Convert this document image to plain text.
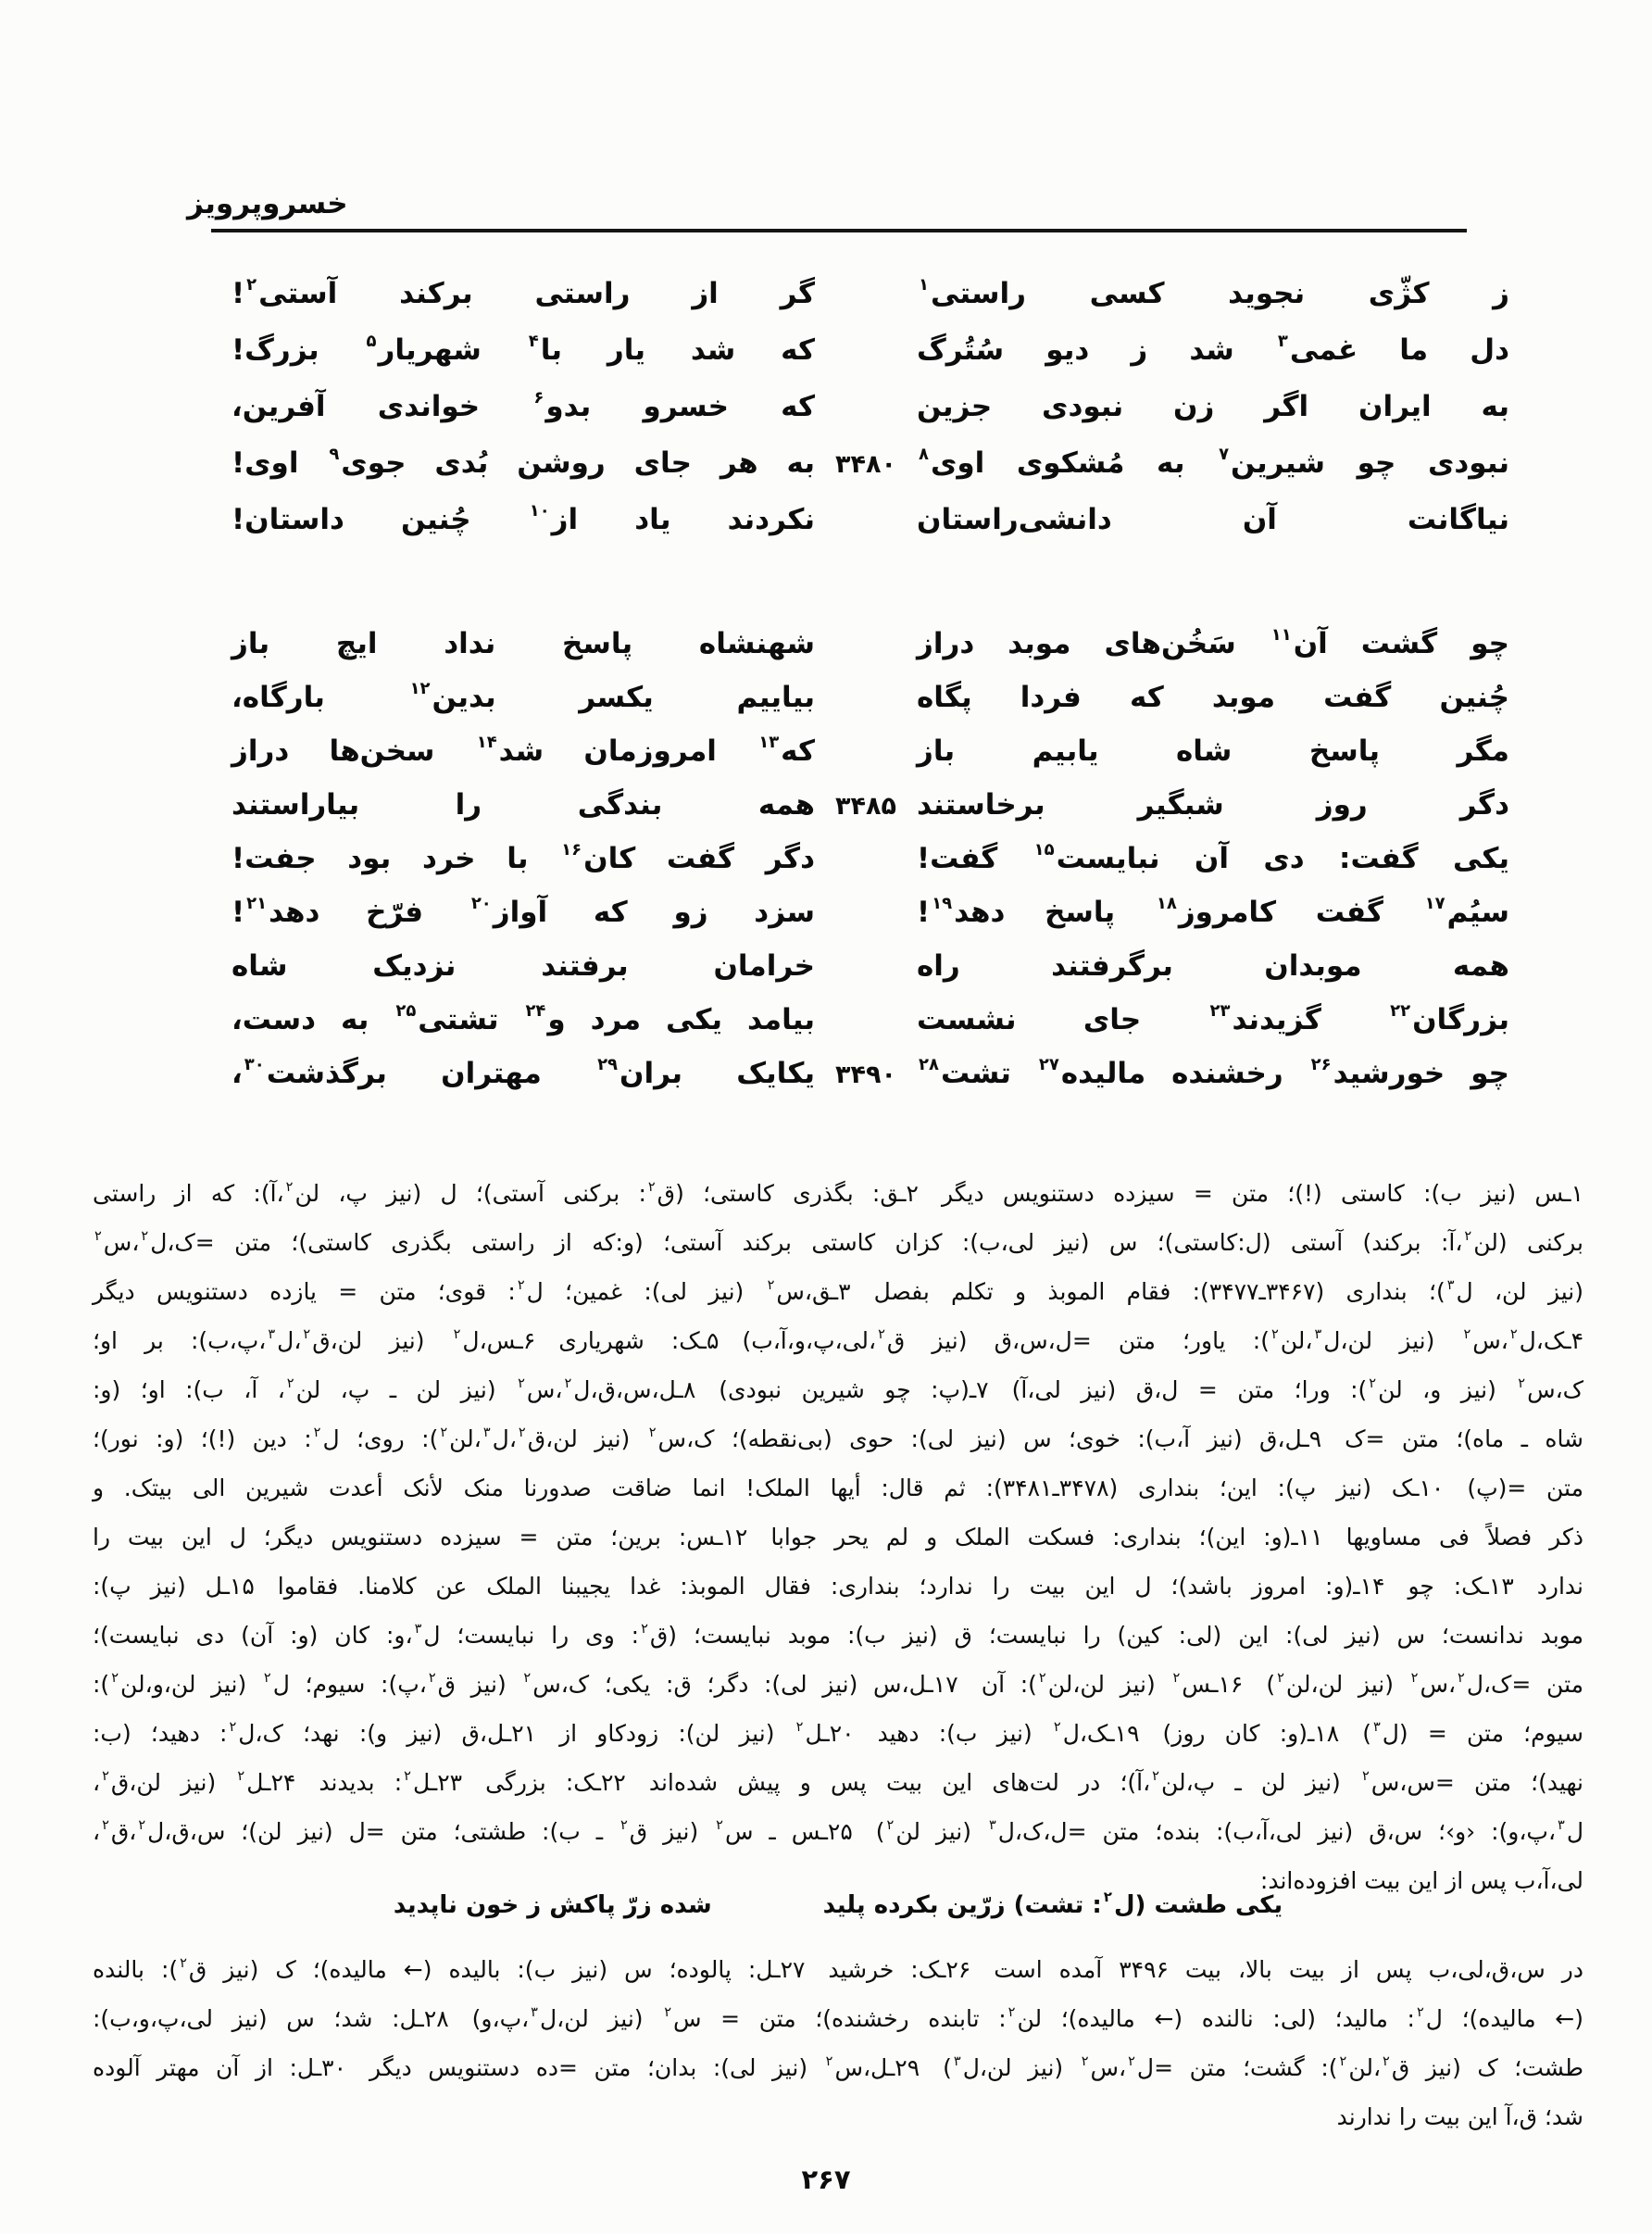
خسروپرویز
ز کژّی نجوید کسی راستی$^۱$
گر از راستی برکند آستی$^۲$!
دل ما غمی$^۳$ شد ز دیو سُتُرگ
که شد یار با$^۴$ شهریار$^۵$ بزرگ!
به ایران اگر زن نبودی جزین
که خسرو بدو$^۶$ خواندی آفرین،
نبودی چو شیرین$^۷$ به مُشکوی اوی$^۸$
۳۴۸۰
به هر جای روشن بُدی جوی$^۹$ اوی!
نیاگانت آن دانشی‌راستان
نکردند یاد از$^{۱۰}$ چُنین داستان!
چو گشت آن$^{۱۱}$ سَخُن‌های موبد دراز
شهنشاه پاسخ نداد ایچ باز
چُنین گفت موبد که فردا پگاه
بیاییم یکسر بدین$^{۱۲}$ بارگاه،
مگر پاسخ شاه یابیم باز
که$^{۱۳}$ امروزمان شد$^{۱۴}$ سخن‌ها دراز
دگر روز شبگیر برخاستند
۳۴۸۵
همه بندگی را بیاراستند
یکی گفت: دی آن نبایست$^{۱۵}$ گفت!
دگر گفت کان$^{۱۶}$ با خرد بود جفت!
سیُم$^{۱۷}$ گفت کامروز$^{۱۸}$ پاسخ دهد$^{۱۹}$!
سزد زو که آواز$^{۲۰}$ فرّخ دهد$^{۲۱}$!
همه موبدان برگرفتند راه
خرامان برفتند نزدیک شاه
بزرگان$^{۲۲}$ گزیدند$^{۲۳}$ جای نشست
بیامد یکی مرد و$^{۲۴}$ تشتی$^{۲۵}$ به دست،
چو خورشید$^{۲۶}$ رخشنده مالیده$^{۲۷}$ تشت$^{۲۸}$
۳۴۹۰
یکایک بران$^{۲۹}$ مهتران برگذشت$^{۳۰}$،
۱ـس (نیز ب): کاستی (!)؛ متن = سیزده دستنویس دیگر  ۲ـق: بگذری کاستی؛ (ق$^۲$: برکنی آستی)؛ ل (نیز پ، لن$^۲$،آ): که از راستی
برکنی (لن$^۲$،آ: برکند) آستی (ل:کاستی)؛ س (نیز لی،ب): کزان کاستی برکند آستی؛ (و:که از راستی بگذری کاستی)؛ متن =ک،ل$^۲$،س$^۲$
(نیز لن، ل$^۳$)؛ بنداری (۳۴۶۷ـ۳۴۷۷): فقام الموبذ و تکلم بفصل  ۳ـق،س$^۲$ (نیز لی): غمین؛ ل$^۲$: قوی؛ متن = یازده دستنویس دیگر
۴ـک،ل$^۲$،س$^۲$ (نیز لن،ل$^۳$،لن$^۲$): یاور؛ متن =ل،س،ق (نیز ق$^۲$،لی،پ،و،آ،ب)  ۵ـک: شهریاری  ۶ـس،ل$^۲$ (نیز لن،ق$^۲$،ل$^۳$،پ،ب): بر او؛
ک،س$^۲$ (نیز و، لن$^۲$): ورا؛ متن = ل،ق (نیز لی،آ)  ۷ـ(پ: چو شیرین نبودی)  ۸ـل،س،ق،ل$^۲$،س$^۲$ (نیز لن ـ پ، لن$^۲$، آ، ب): او؛ (و:
شاه ـ ماه)؛ متن =ک  ۹ـل،ق (نیز آ،ب): خوی؛ س (نیز لی): حوی (بی‌نقطه)؛ ک،س$^۲$ (نیز لن،ق$^۲$،ل$^۳$،لن$^۲$): روی؛ ل$^۲$: دین (!)؛ (و: نور)؛
متن =(پ)  ۱۰ـک (نیز پ): این؛ بنداری (۳۴۷۸ـ۳۴۸۱): ثم قال: أیها الملک! انما ضاقت صدورنا منک لأنک أعدت شیرین الی بیتک. و
ذکر فصلاً فی مساویها  ۱۱ـ(و: این)؛ بنداری: فسکت الملک و لم یحر جوابا  ۱۲ـس: برین؛ متن = سیزده دستنویس دیگر؛ ل این بیت را
ندارد  ۱۳ـک: چو  ۱۴ـ(و: امروز باشد)؛ ل این بیت را ندارد؛ بنداری: فقال الموبذ: غدا یجیبنا الملک عن کلامنا. فقاموا  ۱۵ـل (نیز پ):
موبد ندانست؛ س (نیز لی): این (لی: کین) را نبایست؛ ق (نیز ب): موبد نبایست؛ (ق$^۲$: وی را نبایست؛ ل$^۳$،و: کان (و: آن) دی نبایست)؛
متن =ک،ل$^۲$،س$^۲$ (نیز لن،لن$^۲$)  ۱۶ـس$^۲$ (نیز لن،لن$^۲$): آن  ۱۷ـل،س (نیز لی): دگر؛ ق: یکی؛ ک،س$^۲$ (نیز ق$^۲$،پ): سیوم؛ ل$^۲$ (نیز لن،و،لن$^۲$):
سیوم؛ متن = (ل$^۳$)  ۱۸ـ(و: کان روز)  ۱۹ـک،ل$^۲$ (نیز ب): دهید  ۲۰ـل$^۲$ (نیز لن): زودکاو از  ۲۱ـل،ق (نیز و): نهد؛ ک،ل$^۲$: دهید؛ (ب:
نهید)؛ متن =س،س$^۲$ (نیز لن ـ پ،لن$^۲$،آ)؛ در لت‌های این بیت پس و پیش شده‌اند  ۲۲ـک: بزرگی  ۲۳ـل$^۲$: بدیدند  ۲۴ـل$^۲$ (نیز لن،ق$^۲$،
ل$^۳$،پ،و): ‹و›؛ س،ق (نیز لی،آ،ب): بنده؛ متن =ل،ک،ل$^۳$ (نیز لن$^۲$)  ۲۵ـس ـ س$^۲$ (نیز ق$^۲$ ـ ب): طشتی؛ متن =ل (نیز لن)؛ س،ق،ل$^۲$،ق$^۲$،
لی،آ،ب پس از این بیت افزوده‌اند:
یکی طشت (ل$^۲$: تشت) زرّین بکرده پلید
شده زرّ پاکش ز خون ناپدید
در س،ق،لی،ب پس از بیت بالا، بیت ۳۴۹۶ آمده است  ۲۶ـک: خرشید  ۲۷ـل: پالوده؛ س (نیز ب): بالیده (← مالیده)؛ ک (نیز ق$^۲$): بالنده
(← مالیده)؛ ل$^۲$: مالید؛ (لی: نالنده (← مالیده)؛ لن$^۲$: تابنده رخشنده)؛ متن = س$^۲$ (نیز لن،ل$^۳$،پ،و)  ۲۸ـل: شد؛ س (نیز لی،پ،و،ب):
طشت؛ ک (نیز ق$^۲$،لن$^۲$): گشت؛ متن =ل$^۲$،س$^۲$ (نیز لن،ل$^۳$)  ۲۹ـل،س$^۲$ (نیز لی): بدان؛ متن =ده دستنویس دیگر  ۳۰ـل: از آن مهتر آلوده
شد؛ ق،آ این بیت را ندارند
۲۶۷
